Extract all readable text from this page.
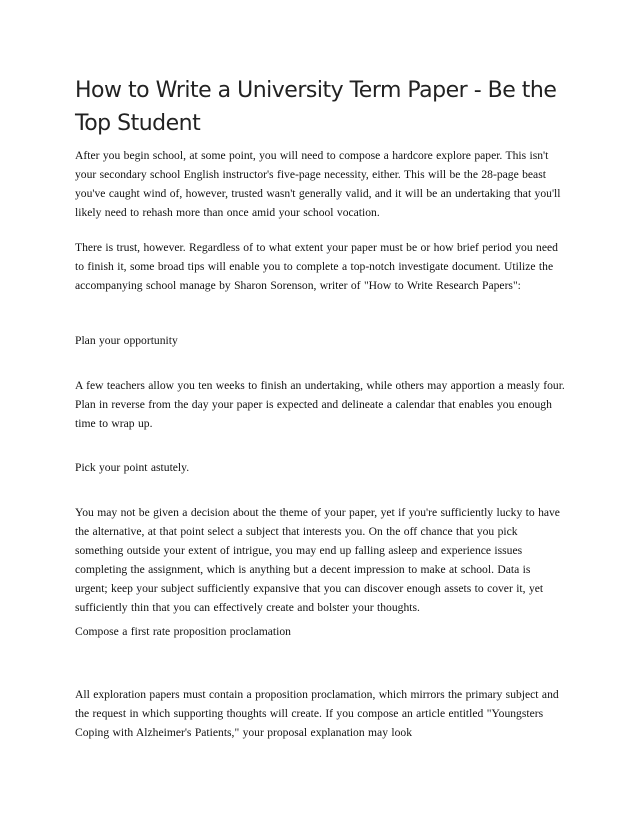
How to Write a University Term Paper - Be the Top Student

After you begin school, at some point, you will need to compose a hardcore explore paper. This isn't your secondary school English instructor's five-page necessity, either. This will be the 28-page beast you've caught wind of, however, trusted wasn't generally valid, and it will be an undertaking that you'll likely need to rehash more than once amid your school vocation.

There is trust, however. Regardless of to what extent your paper must be or how brief period you need to finish it, some broad tips will enable you to complete a top-notch investigate document. Utilize the accompanying school manage by Sharon Sorenson, writer of "How to Write Research Papers":

Plan your opportunity

A few teachers allow you ten weeks to finish an undertaking, while others may apportion a measly four. Plan in reverse from the day your paper is expected and delineate a calendar that enables you enough time to wrap up.

Pick your point astutely.

You may not be given a decision about the theme of your paper, yet if you're sufficiently lucky to have the alternative, at that point select a subject that interests you. On the off chance that you pick something outside your extent of intrigue, you may end up falling asleep and experience issues completing the assignment, which is anything but a decent impression to make at school. Data is urgent; keep your subject sufficiently expansive that you can discover enough assets to cover it, yet sufficiently thin that you can effectively create and bolster your thoughts.

Compose a first rate proposition proclamation

All exploration papers must contain a proposition proclamation, which mirrors the primary subject and the request in which supporting thoughts will create. If you compose an article entitled "Youngsters Coping with Alzheimer's Patients," your proposal explanation may look
